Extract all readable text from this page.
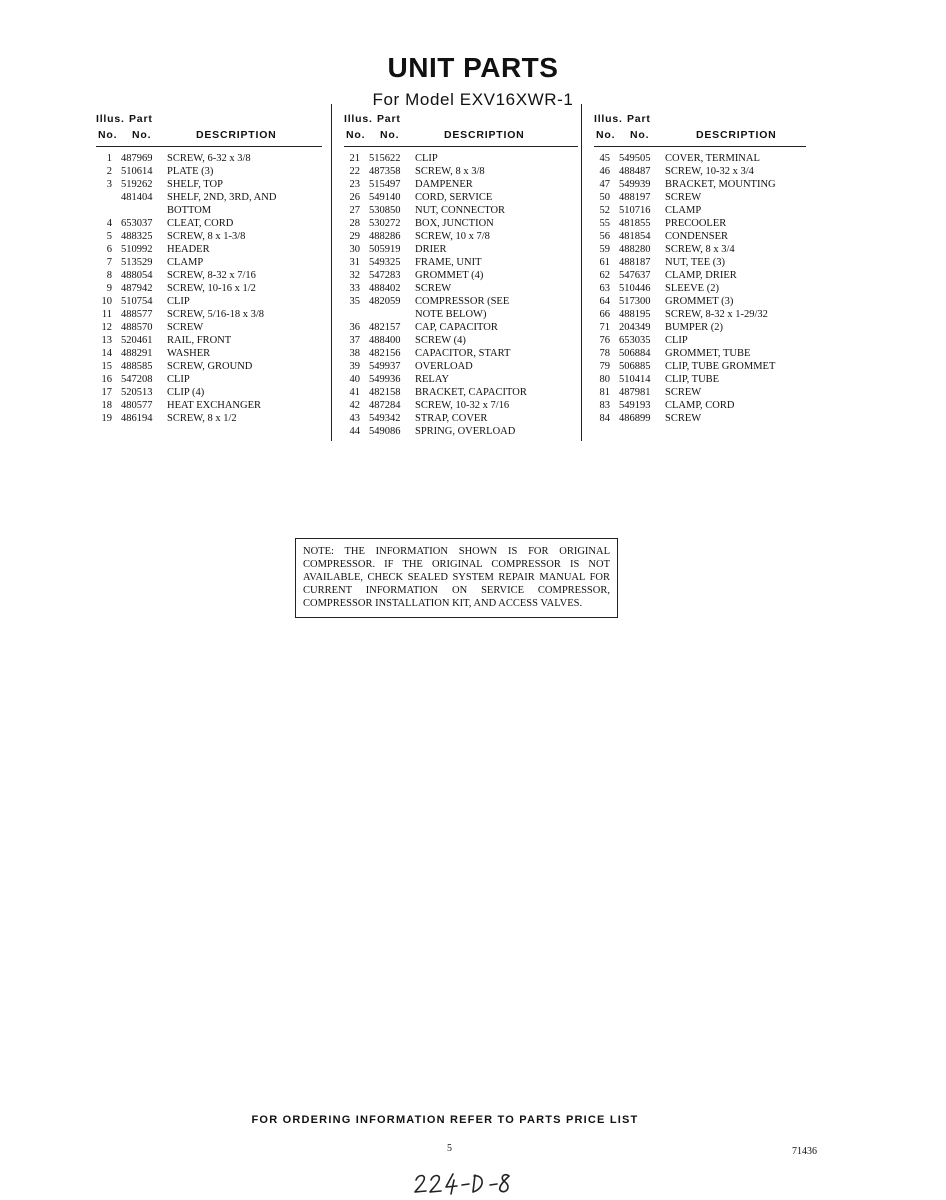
UNIT PARTS
For Model EXV16XWR-1
Illus. Part
No. No.	DESCRIPTION
1 487969	SCREW, 6-32 x 3/8
2 510614	PLATE (3)
3 519262	SHELF, TOP
481404	SHELF, 2ND, 3RD, AND
BOTTOM
4 653037	CLEAT, CORD
5 488325	SCREW, 8 x 1-3/8
6 510992	HEADER
7 513529	CLAMP
8 488054	SCREW, 8-32 x 7/16
9 487942	SCREW, 10-16 x 1/2
10 510754	CLIP
11 488577	SCREW, 5/16-18 x 3/8
12 488570	SCREW
13 520461	RAIL, FRONT
14 488291	WASHER
15 488585	SCREW, GROUND
16 547208	CLIP
17 520513	CLIP (4)
18 480577	HEAT EXCHANGER
19 486194	SCREW, 8 x 1/2
Illus. Part
No. No.	DESCRIPTION
21 515622	CLIP
22 487358	SCREW, 8 x 3/8
23 515497	DAMPENER
26 549140	CORD, SERVICE
27 530850	NUT, CONNECTOR
28 530272	BOX, JUNCTION
29 488286	SCREW, 10 x 7/8
30 505919	DRIER
31 549325	FRAME, UNIT
32 547283	GROMMET (4)
33 488402	SCREW
35 482059	COMPRESSOR (SEE
NOTE BELOW)
36 482157	CAP, CAPACITOR
37 488400	SCREW (4)
38 482156	CAPACITOR, START
39 549937	OVERLOAD
40 549936	RELAY
41 482158	BRACKET, CAPACITOR
42 487284	SCREW, 10-32 x 7/16
43 549342	STRAP, COVER
44 549086	SPRING, OVERLOAD
Illus. Part
No. No.	DESCRIPTION
45 549505	COVER, TERMINAL
46 488487	SCREW, 10-32 x 3/4
47 549939	BRACKET, MOUNTING
50 488197	SCREW
52 510716	CLAMP
55 481855	PRECOOLER
56 481854	CONDENSER
59 488280	SCREW, 8 x 3/4
61 488187	NUT, TEE (3)
62 547637	CLAMP, DRIER
63 510446	SLEEVE (2)
64 517300	GROMMET (3)
66 488195	SCREW, 8-32 x 1-29/32
71 204349	BUMPER (2)
76 653035	CLIP
78 506884	GROMMET, TUBE
79 506885	CLIP, TUBE GROMMET
80 510414	CLIP, TUBE
81 487981	SCREW
83 549193	CLAMP, CORD
84 486899	SCREW
NOTE: THE INFORMATION SHOWN IS FOR ORIGINAL COMPRESSOR. IF THE ORIGINAL COMPRESSOR IS NOT AVAILABLE, CHECK SEALED SYSTEM REPAIR MANUAL FOR CURRENT INFORMATION ON SERVICE COMPRESSOR, COMPRESSOR INSTALLATION KIT, AND ACCESS VALVES.
FOR ORDERING INFORMATION REFER TO PARTS PRICE LIST
5	71436
